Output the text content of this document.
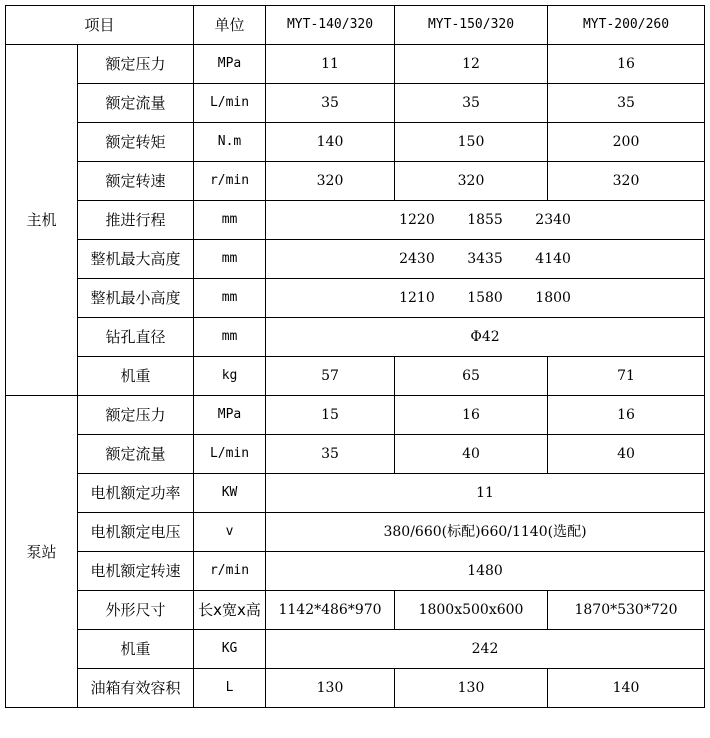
项目		单位	MYT-140/320	MYT-150/320	MYT-200/260
主机	额定压力	MPa	11	12	16
	额定流量	L/min	35	35	35
	额定转矩	N.m	140	150	200
	额定转速	r/min	320	320	320
	推进行程	mm	1220 1855 2340		
	整机最大高度	mm	2430 3435 4140		
	整机最小高度	mm	1210 1580 1800		
	钻孔直径	mm	Φ42		
	机重	kg	57	65	71
泵站	额定压力	MPa	15	16	16
	额定流量	L/min	35	40	40
	电机额定功率	KW	11		
	电机额定电压	v	380/660(标配)660/1140(选配)		
	电机额定转速	r/min	1480		
	外形尺寸	长x宽x高	1142*486*970	1800x500x600	1870*530*720
	机重	KG	242		
	油箱有效容积	L	130	130	140
